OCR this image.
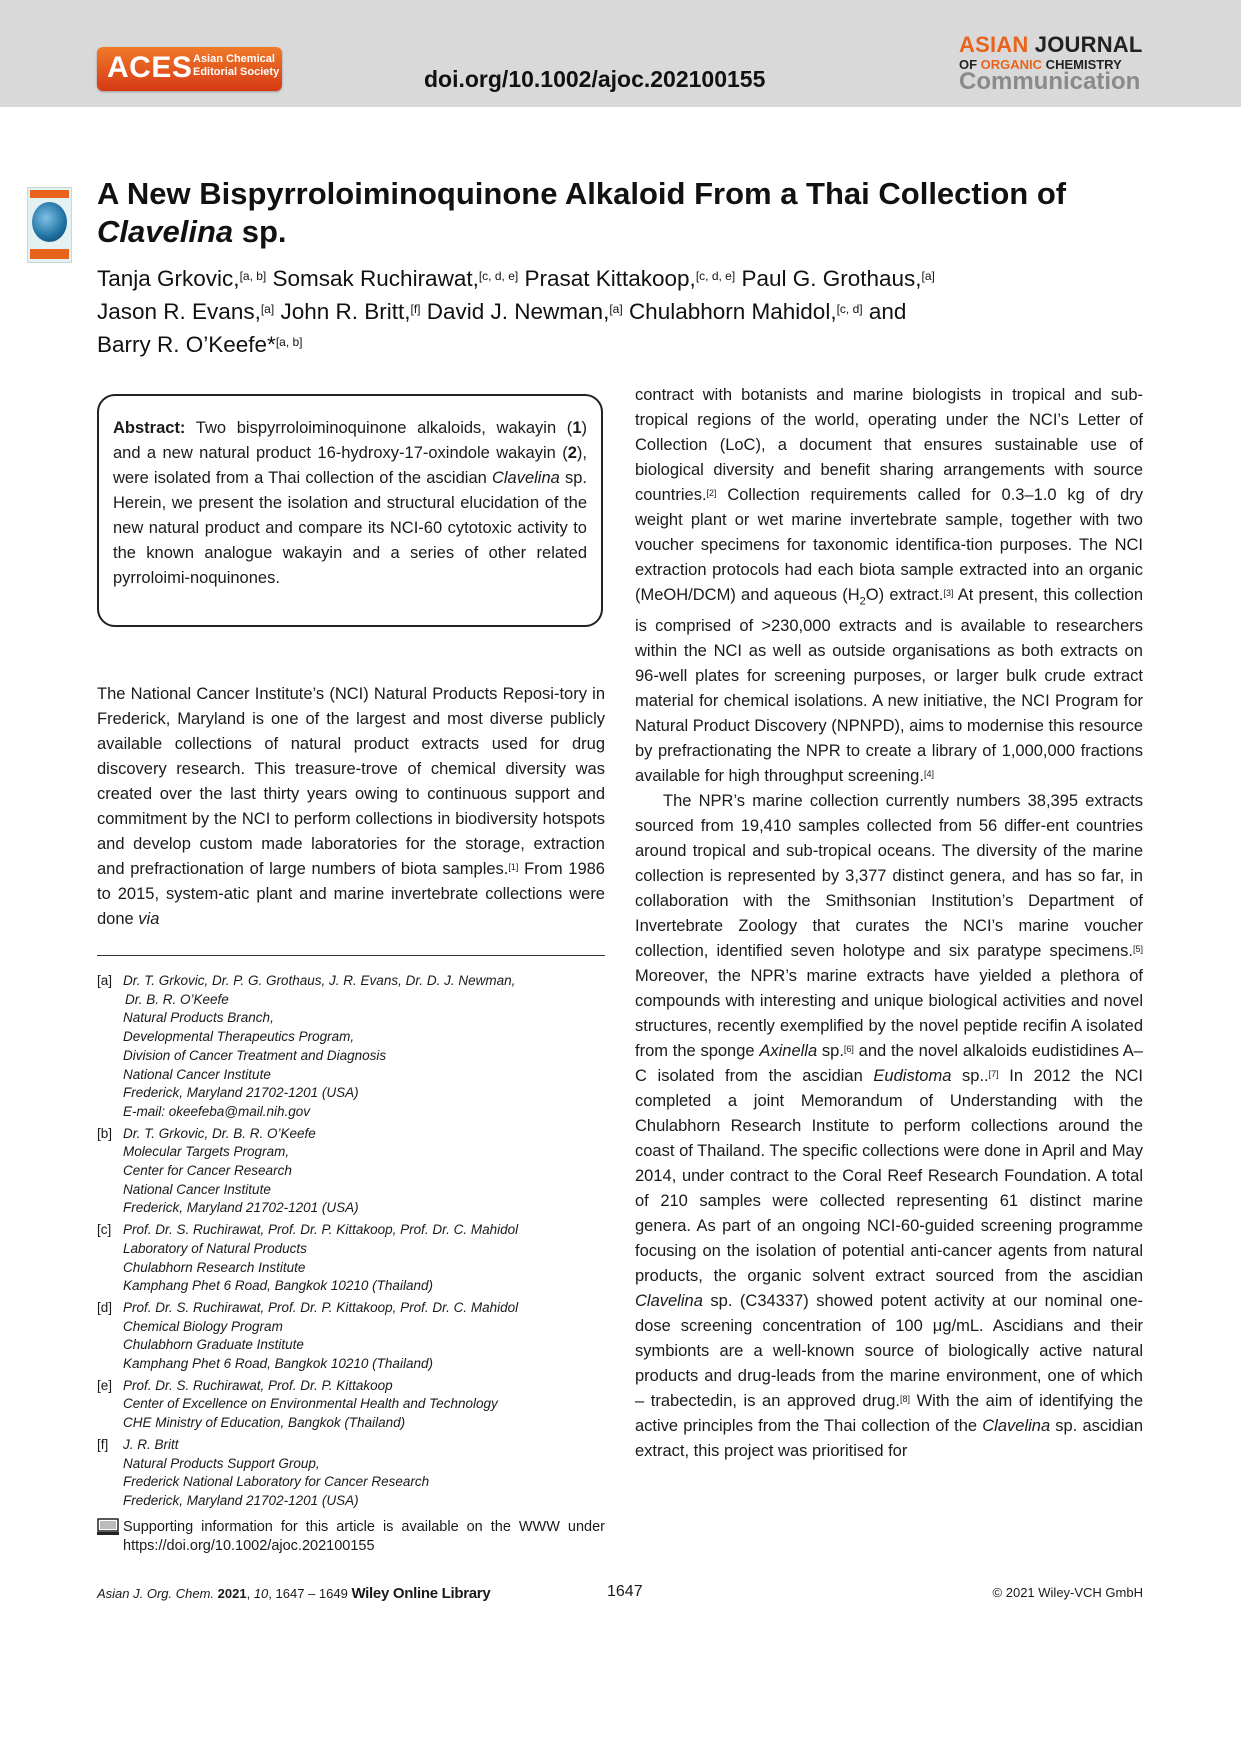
ACES Asian Chemical
Editorial Society	doi.org/10.1002/ajoc.202100155
ASIAN JOURNAL
OF ORGANIC CHEMISTRY
Communication
A New Bispyrroloiminoquinone Alkaloid From a Thai Collection of
Clavelina sp.
Tanja Grkovic,[a, b] Somsak Ruchirawat,[c, d, e] Prasat Kittakoop,[c, d, e] Paul G. Grothaus,[a]
Jason R. Evans,[a] John R. Britt,[f] David J. Newman,[a] Chulabhorn Mahidol,[c, d] and
Barry R. O’Keefe*[a, b]

Abstract: Two bispyrroloiminoquinone alkaloids, wakayin (1) and a new natural product 16-hydroxy-17-oxindole wakayin (2), were isolated from a Thai collection of the ascidian Clavelina sp. Herein, we present the isolation and structural elucidation of the new natural product and compare its NCI-60 cytotoxic activity to the known analogue wakayin and a series of other related pyrroloimi-noquinones.

The National Cancer Institute’s (NCI) Natural Products Reposi-tory in Frederick, Maryland is one of the largest and most diverse publicly available collections of natural product extracts used for drug discovery research. This treasure-trove of chemical diversity was created over the last thirty years owing to continuous support and commitment by the NCI to perform collections in biodiversity hotspots and develop custom made laboratories for the storage, extraction and prefractionation of large numbers of biota samples.[1] From 1986 to 2015, system-atic plant and marine invertebrate collections were done via

[a] Dr. T. Grkovic, Dr. P. G. Grothaus, J. R. Evans, Dr. D. J. Newman,
Dr. B. R. O’Keefe
Natural Products Branch,
Developmental Therapeutics Program,
Division of Cancer Treatment and Diagnosis
National Cancer Institute
Frederick, Maryland 21702-1201 (USA)
E-mail: okeefeba@mail.nih.gov
[b] Dr. T. Grkovic, Dr. B. R. O’Keefe
Molecular Targets Program,
Center for Cancer Research
National Cancer Institute
Frederick, Maryland 21702-1201 (USA)
[c] Prof. Dr. S. Ruchirawat, Prof. Dr. P. Kittakoop, Prof. Dr. C. Mahidol
Laboratory of Natural Products
Chulabhorn Research Institute
Kamphang Phet 6 Road, Bangkok 10210 (Thailand)
[d] Prof. Dr. S. Ruchirawat, Prof. Dr. P. Kittakoop, Prof. Dr. C. Mahidol
Chemical Biology Program
Chulabhorn Graduate Institute
Kamphang Phet 6 Road, Bangkok 10210 (Thailand)
[e] Prof. Dr. S. Ruchirawat, Prof. Dr. P. Kittakoop
Center of Excellence on Environmental Health and Technology
CHE Ministry of Education, Bangkok (Thailand)
[f]	J. R. Britt
Natural Products Support Group,
Frederick National Laboratory for Cancer Research
Frederick, Maryland 21702-1201 (USA)
Supporting information for this article is available on the WWW under https://doi.org/10.1002/ajoc.202100155

contract with botanists and marine biologists in tropical and sub-tropical regions of the world, operating under the NCI’s Letter of Collection (LoC), a document that ensures sustainable use of biological diversity and benefit sharing arrangements with source countries.[2] Collection requirements called for 0.3–1.0 kg of dry weight plant or wet marine invertebrate sample, together with two voucher specimens for taxonomic identifica-tion purposes. The NCI extraction protocols had each biota sample extracted into an organic (MeOH/DCM) and aqueous $(H_2O)$ extract.[3] At present, this collection is comprised of >230,000 extracts and is available to researchers within the NCI as well as outside organisations as both extracts on 96-well plates for screening purposes, or larger bulk crude extract material for chemical isolations. A new initiative, the NCI Program for Natural Product Discovery (NPNPD), aims to modernise this resource by prefractionating the NPR to create a library of 1,000,000 fractions available for high throughput screening.[4]

The NPR’s marine collection currently numbers 38,395 extracts sourced from 19,410 samples collected from 56 differ-ent countries around tropical and sub-tropical oceans. The diversity of the marine collection is represented by 3,377 distinct genera, and has so far, in collaboration with the Smithsonian Institution’s Department of Invertebrate Zoology that curates the NCI’s marine voucher collection, identified seven holotype and six paratype specimens.[5] Moreover, the NPR’s marine extracts have yielded a plethora of compounds with interesting and unique biological activities and novel structures, recently exemplified by the novel peptide recifin A isolated from the sponge Axinella sp.[6] and the novel alkaloids eudistidines A–C isolated from the ascidian Eudistoma sp..[7] In 2012 the NCI completed a joint Memorandum of Understanding with the Chulabhorn Research Institute to perform collections around the coast of Thailand. The specific collections were done in April and May 2014, under contract to the Coral Reef Research Foundation. A total of 210 samples were collected representing 61 distinct marine genera. As part of an ongoing NCI-60-guided screening programme focusing on the isolation of potential anti-cancer agents from natural products, the organic solvent extract sourced from the ascidian Clavelina sp. (C34337) showed potent activity at our nominal one-dose screening concentration of 100 μg/mL. Ascidians and their symbionts are a well-known source of biologically active natural products and drug-leads from the marine environment, one of which – trabectedin, is an approved drug.[8] With the aim of identifying the active principles from the Thai collection of the Clavelina sp. ascidian extract, this project was prioritised for

Asian J. Org. Chem. 2021, 10, 1647 – 1649 Wiley Online Library	1647	© 2021 Wiley-VCH GmbH
